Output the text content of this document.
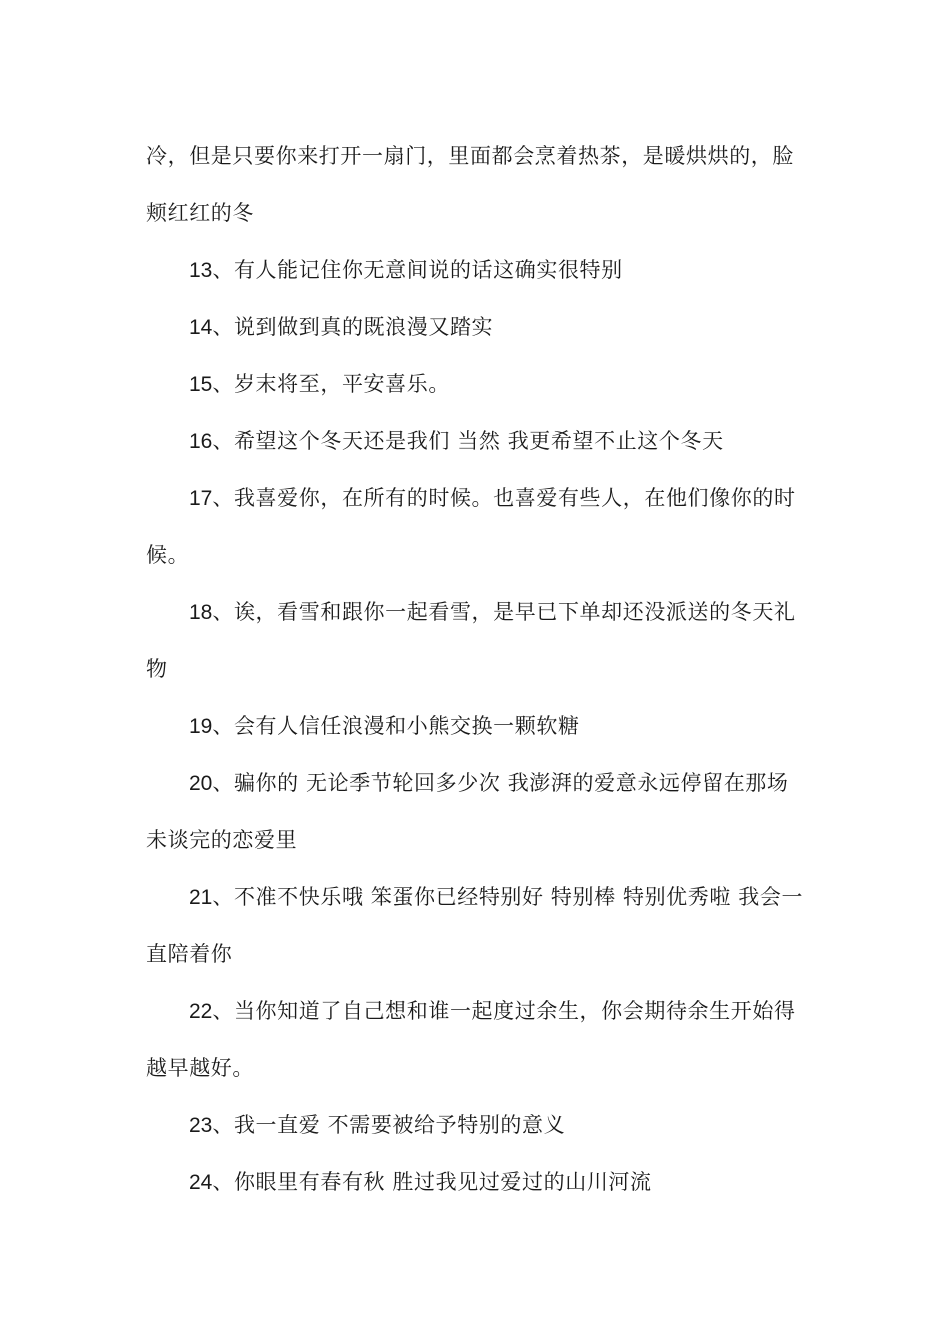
冷，但是只要你来打开一扇门，里面都会烹着热茶，是暖烘烘的，脸颊红红的冬

13、有人能记住你无意间说的话这确实很特别

14、说到做到真的既浪漫又踏实

15、岁末将至，平安喜乐。

16、希望这个冬天还是我们 当然 我更希望不止这个冬天

17、我喜爱你，在所有的时候。也喜爱有些人，在他们像你的时候。

18、诶，看雪和跟你一起看雪，是早已下单却还没派送的冬天礼物

19、会有人信任浪漫和小熊交换一颗软糖

20、骗你的 无论季节轮回多少次 我澎湃的爱意永远停留在那场未谈完的恋爱里

21、不准不快乐哦 笨蛋你已经特别好 特别棒 特别优秀啦 我会一直陪着你

22、当你知道了自己想和谁一起度过余生，你会期待余生开始得越早越好。

23、我一直爱 不需要被给予特别的意义

24、你眼里有春有秋 胜过我见过爱过的山川河流
